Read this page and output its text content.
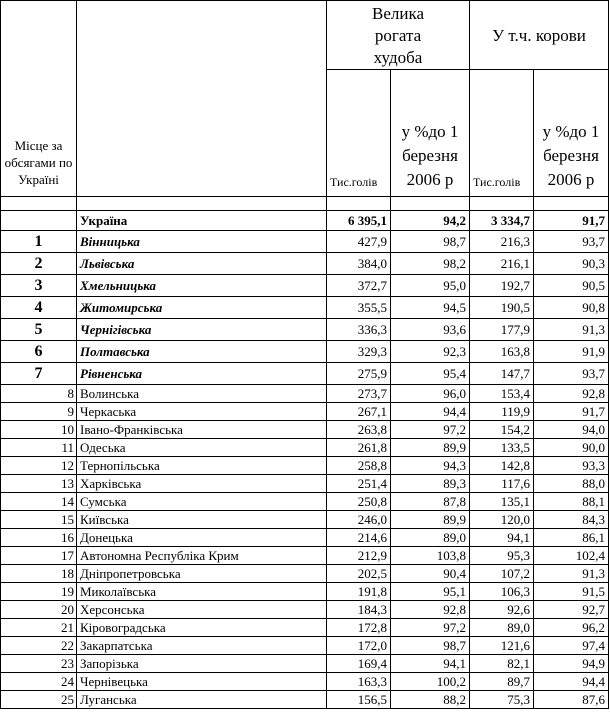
Місце за обсягами по Україні		Велика рогата худоба		У т.ч. корови	
		Тис.голів	у %до 1 березня 2006 р	Тис.голів	у %до 1 березня 2006 р

	Україна	6 395,1	94,2	3 334,7	91,7
1	Вінницька	427,9	98,7	216,3	93,7
2	Львівська	384,0	98,2	216,1	90,3
3	Хмельницька	372,7	95,0	192,7	90,5
4	Житомирська	355,5	94,5	190,5	90,8
5	Чернігівська	336,3	93,6	177,9	91,3
6	Полтавська	329,3	92,3	163,8	91,9
7	Рівненська	275,9	95,4	147,7	93,7
8	Волинська	273,7	96,0	153,4	92,8
9	Черкаська	267,1	94,4	119,9	91,7
10	Івано-Франківська	263,8	97,2	154,2	94,0
11	Одеська	261,8	89,9	133,5	90,0
12	Тернопільська	258,8	94,3	142,8	93,3
13	Харківська	251,4	89,3	117,6	88,0
14	Сумська	250,8	87,8	135,1	88,1
15	Київська	246,0	89,9	120,0	84,3
16	Донецька	214,6	89,0	94,1	86,1
17	Автономна Республіка Крим	212,9	103,8	95,3	102,4
18	Дніпропетровська	202,5	90,4	107,2	91,3
19	Миколаївська	191,8	95,1	106,3	91,5
20	Херсонська	184,3	92,8	92,6	92,7
21	Кіровоградська	172,8	97,2	89,0	96,2
22	Закарпатська	172,0	98,7	121,6	97,4
23	Запорізька	169,4	94,1	82,1	94,9
24	Чернівецька	163,3	100,2	89,7	94,4
25	Луганська	156,5	88,2	75,3	87,6
